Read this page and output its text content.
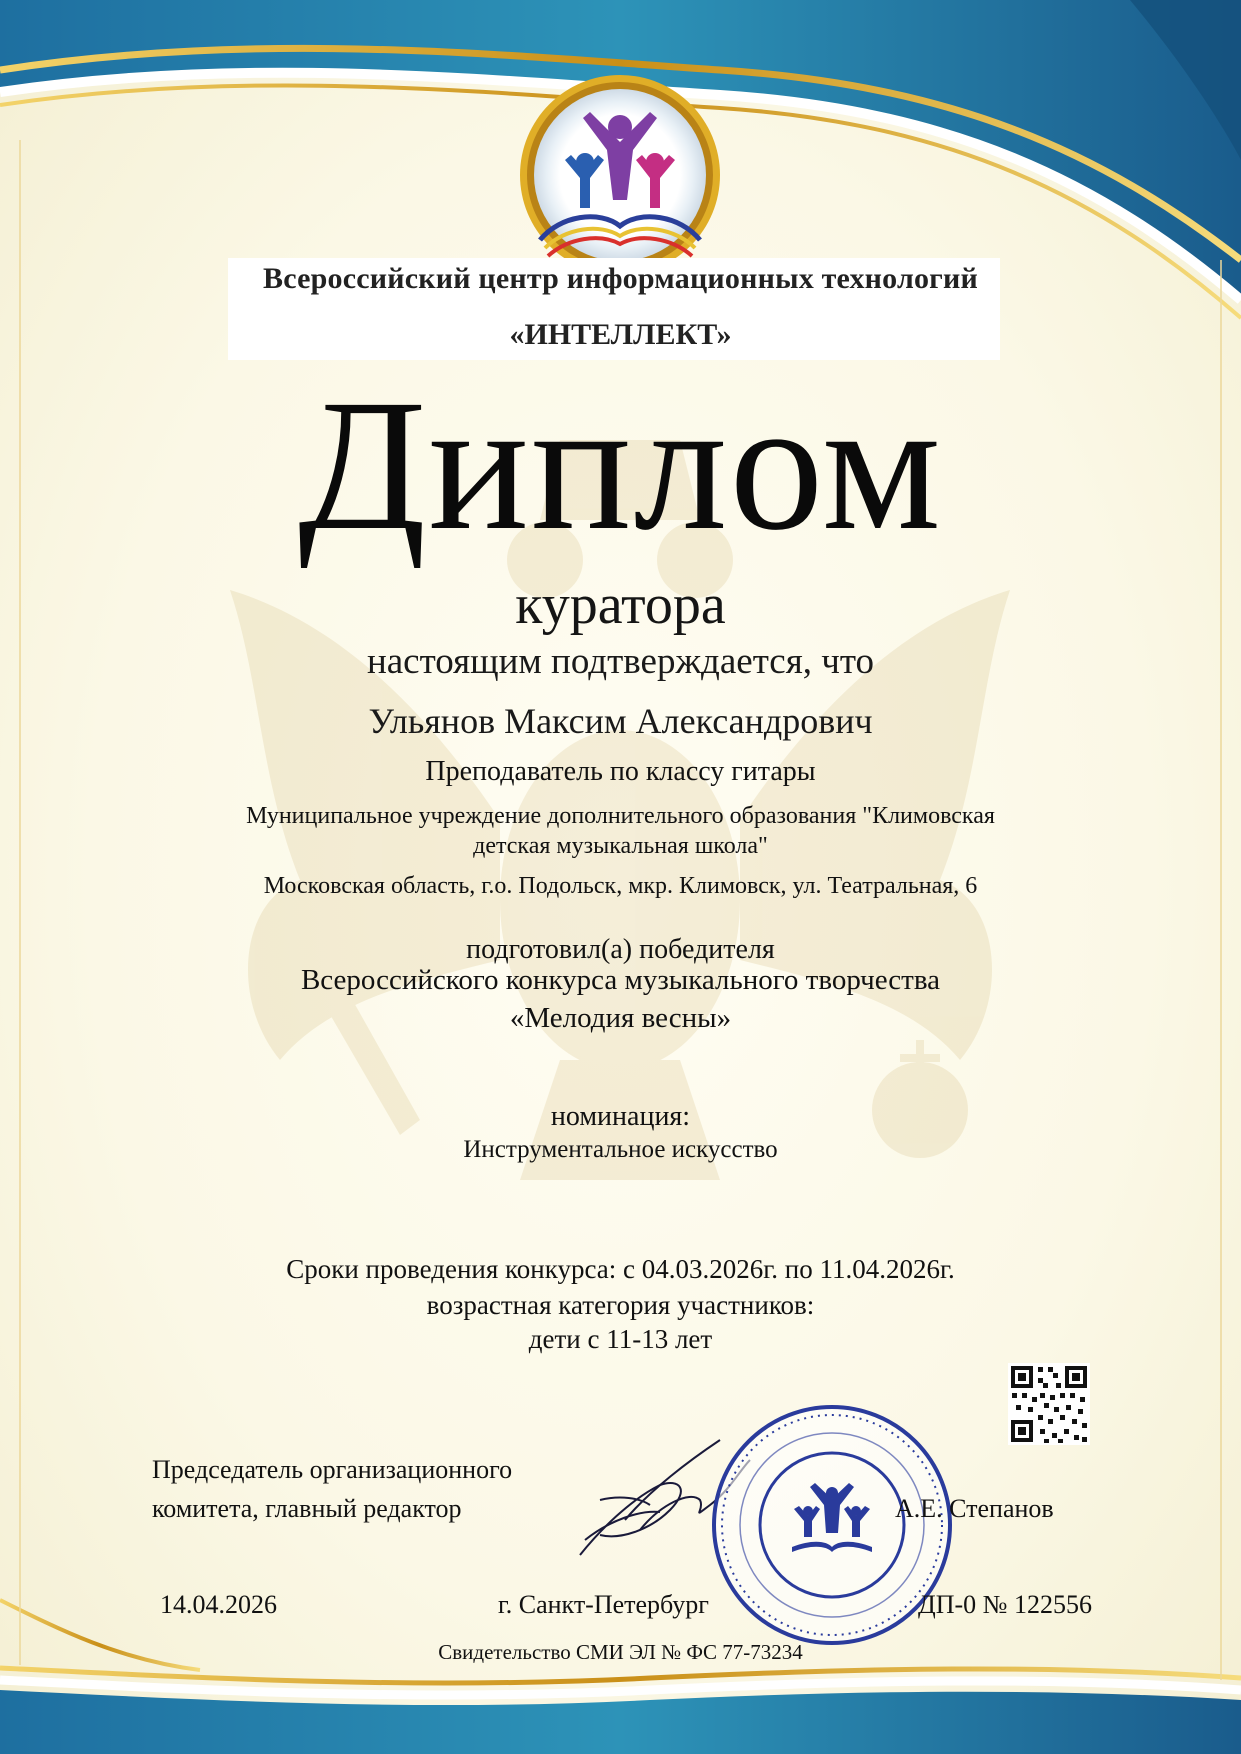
Всероссийский центр информационных технологий
«ИНТЕЛЛЕКТ»
Диплом
куратора
настоящим подтверждается, что
Ульянов Максим Александрович
Преподаватель по классу гитары
Муниципальное учреждение дополнительного образования "Климовская
детская музыкальная школа"
Московская область, г.о. Подольск, мкр. Климовск, ул. Театральная, 6
подготовил(а) победителя
Всероссийского конкурса музыкального творчества
«Мелодия весны»
номинация:
Инструментальное искусство
Сроки проведения конкурса: с 04.03.2026г. по 11.04.2026г.
возрастная категория участников:
дети с 11-13 лет
Председатель организационного
комитета, главный редактор	А.Е. Степанов
14.04.2026	г. Санкт-Петербург	ДП-0 № 122556
Свидетельство СМИ ЭЛ № ФС 77-73234
